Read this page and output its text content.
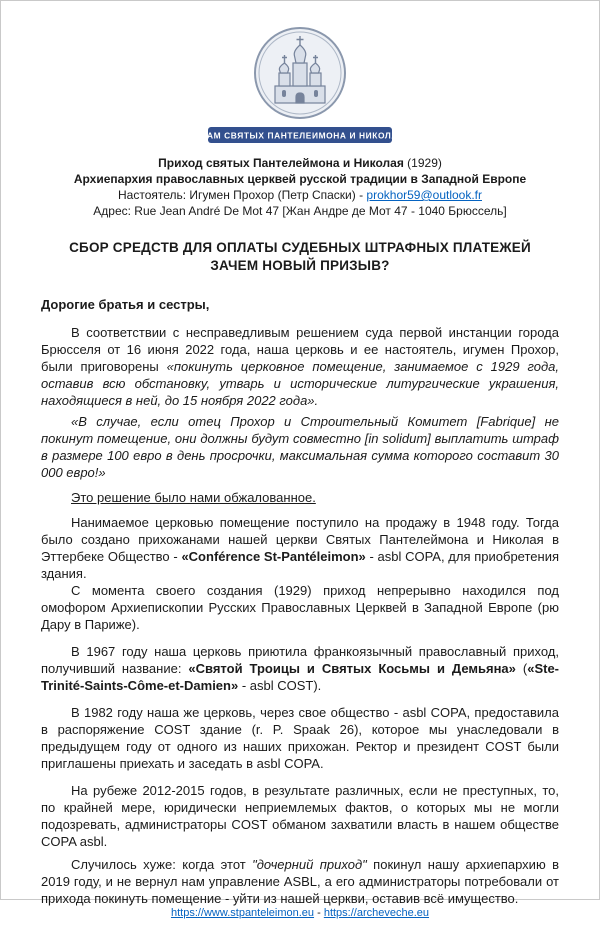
ХРАМ СВЯТЫХ ПАНТЕЛЕИМОНА И НИКОЛАЯ
Приход святых Пантелеймона и Николая (1929)
Архиепархия православных церквей русской традиции в Западной Европе
Настоятель: Игумен Прохор (Петр Спаски) - prokhor59@outlook.fr
Адрес: Rue Jean André De Mot 47 [Жан Андре де Мот 47 - 1040 Брюссель]
СБОР СРЕДСТВ ДЛЯ ОПЛАТЫ СУДЕБНЫХ ШТРАФНЫХ ПЛАТЕЖЕЙ
ЗАЧЕМ НОВЫЙ ПРИЗЫВ?
Дорогие братья и сестры,

В соответствии с несправедливым решением суда первой инстанции города Брюсселя от 16 июня 2022 года, наша церковь и ее настоятель, игумен Прохор, были приговорены «покинуть церковное помещение, занимаемое с 1929 года, оставив всю обстановку, утварь и исторические литургические украшения, находящиеся в ней, до 15 ноября 2022 года».

«В случае, если отец Прохор и Строительный Комитет [Fabrique] не покинут помещение, они должны будут совместно [in solidum] выплатить штраф в размере 100 евро в день просрочки, максимальная сумма которого составит 30 000 евро!»

Это решение было нами обжалованное.

Нанимаемое церковью помещение поступило на продажу в 1948 году. Тогда было создано прихожанами нашей церкви Святых Пантелеймона и Николая в Эттербеке Общество - «Conférence St-Pantéleimon» - asbl COPA, для приобретения здания.

С момента своего создания (1929) приход непрерывно находился под омофором Архиепископии Русских Православных Церквей в Западной Европе (рю Дару в Париже).

В 1967 году наша церковь приютила франкоязычный православный приход, получивший название: «Святой Троицы и Святых Косьмы и Демьяна» («Ste-Trinité-Saints-Côme-et-Damien» - asbl COST).

В 1982 году наша же церковь, через свое общество - asbl COPA, предоставила в распоряжение COST здание (r. P. Spaak 26), которое мы унаследовали в предыдущем году от одного из наших прихожан. Ректор и президент COST были приглашены приехать и заседать в asbl COPA.

На рубеже 2012-2015 годов, в результате различных, если не преступных, то, по крайней мере, юридически неприемлемых фактов, о которых мы не могли подозревать, администраторы COST обманом захватили власть в нашем обществе COPA asbl.

Случилось хуже: когда этот "дочерний приход" покинул нашу архиепархию в 2019 году, и не вернул нам управление ASBL, а его администраторы потребовали от прихода покинуть помещение - уйти из нашей церкви, оставив всё имущество.

https://www.stpanteleimon.eu - https://archeveche.eu
